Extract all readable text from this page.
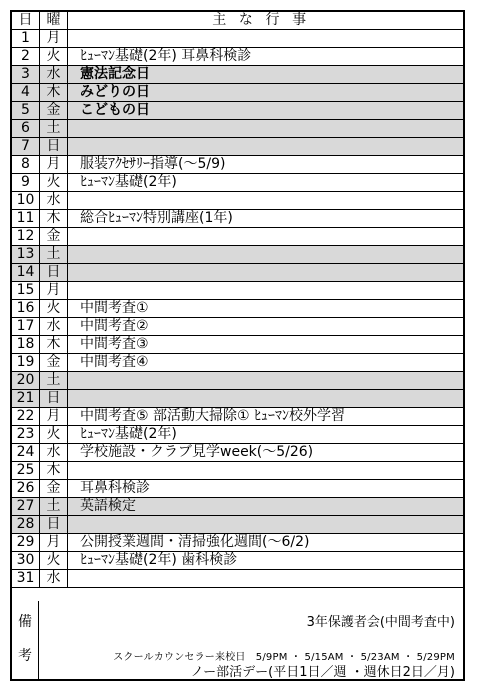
日	曜	主な行事
1	月	
2	火	ﾋｭｰﾏﾝ基礎(2年) 耳鼻科検診
3	水	憲法記念日
4	木	みどりの日
5	金	こどもの日
6	土	
7	日	
8	月	服装ｱｸｾｻﾘｰ指導(～5/9)
9	火	ﾋｭｰﾏﾝ基礎(2年)
10	水	
11	木	総合ﾋｭｰﾏﾝ特別講座(1年)
12	金	
13	土	
14	日	
15	月	
16	火	中間考査①
17	水	中間考査②
18	木	中間考査③
19	金	中間考査④
20	土	
21	日	
22	月	中間考査⑤ 部活動大掃除① ﾋｭｰﾏﾝ校外学習
23	火	ﾋｭｰﾏﾝ基礎(2年)
24	水	学校施設・クラブ見学week(～5/26)
25	木	
26	金	耳鼻科検診
27	土	英語検定
28	日	
29	月	公開授業週間・清掃強化週間(～6/2)
30	火	ﾋｭｰﾏﾝ基礎(2年) 歯科検診
31	水	
備
考
3年保護者会(中間考査中)
スクールカウンセラー来校日　5/9PM ・ 5/15AM ・ 5/23AM ・ 5/29PM
ノー部活デー(平日1日／週 ・週休日2日／月)
